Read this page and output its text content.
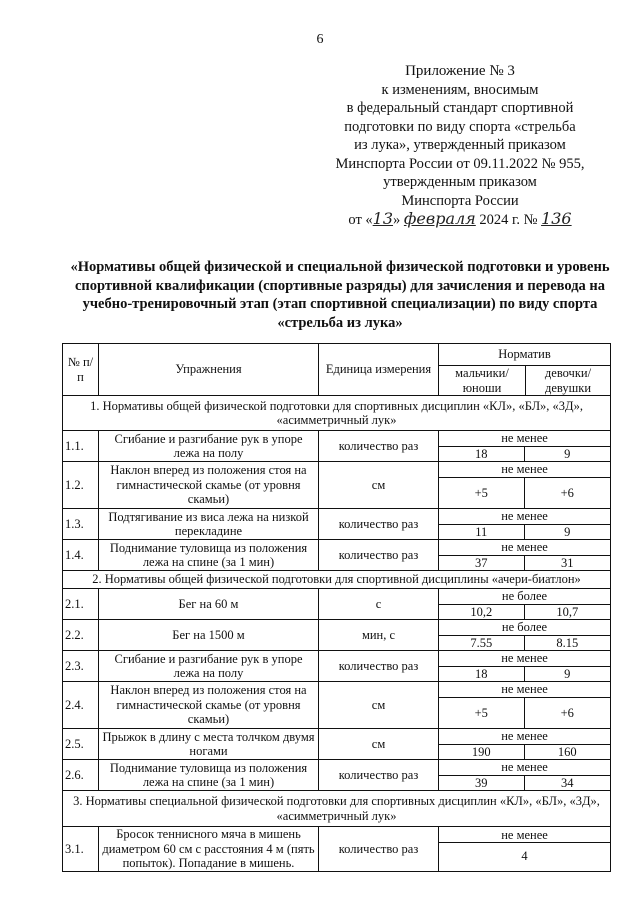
6
Приложение № 3
к изменениям, вносимым
в федеральный стандарт спортивной
подготовки по виду спорта «стрельба
из лука», утвержденный приказом
Минспорта России от 09.11.2022 № 955,
утвержденным приказом
Минспорта России
от «13» февраля 2024 г. № 136
«Нормативы общей физической и специальной физической подготовки и уровень спортивной квалификации (спортивные разряды) для зачисления и перевода на учебно-тренировочный этап (этап спортивной специализации) по виду спорта «стрельба из лука»
№ п/п	Упражнения	Единица измерения	Норматив	
			мальчики/ юноши	девочки/ девушки
1. Нормативы общей физической подготовки для спортивных дисциплин «КЛ», «БЛ», «3Д», «асимметричный лук»				
1.1.	Сгибание и разгибание рук в упоре лежа на полу	количество раз	не менее
18 9	

1.2.	Наклон вперед из положения стоя на гимнастической скамье (от уровня скамьи)	см	не менее
+5 +6	

1.3.	Подтягивание из виса лежа на низкой перекладине	количество раз	не менее
11 9	

1.4.	Поднимание туловища из положения лежа на спине (за 1 мин)	количество раз	не менее
37 31	

2. Нормативы общей физической подготовки для спортивной дисциплины «ачери-биатлон»				
2.1.	Бег на 60 м	с	не более
10,2 10,7	

2.2.	Бег на 1500 м	мин, с	не более
7.55 8.15	

2.3.	Сгибание и разгибание рук в упоре лежа на полу	количество раз	не менее
18 9	

2.4.	Наклон вперед из положения стоя на гимнастической скамье (от уровня скамьи)	см	не менее
+5 +6	

2.5.	Прыжок в длину с места толчком двумя ногами	см	не менее
190 160	

2.6.	Поднимание туловища из положения лежа на спине (за 1 мин)	количество раз	не менее
39 34	

3. Нормативы специальной физической подготовки для спортивных дисциплин «КЛ», «БЛ», «3Д», «асимметричный лук»				
3.1.	Бросок теннисного мяча в мишень диаметром 60 см с расстояния 4 м (пять попыток). Попадание в мишень.	количество раз	не менее
4	
